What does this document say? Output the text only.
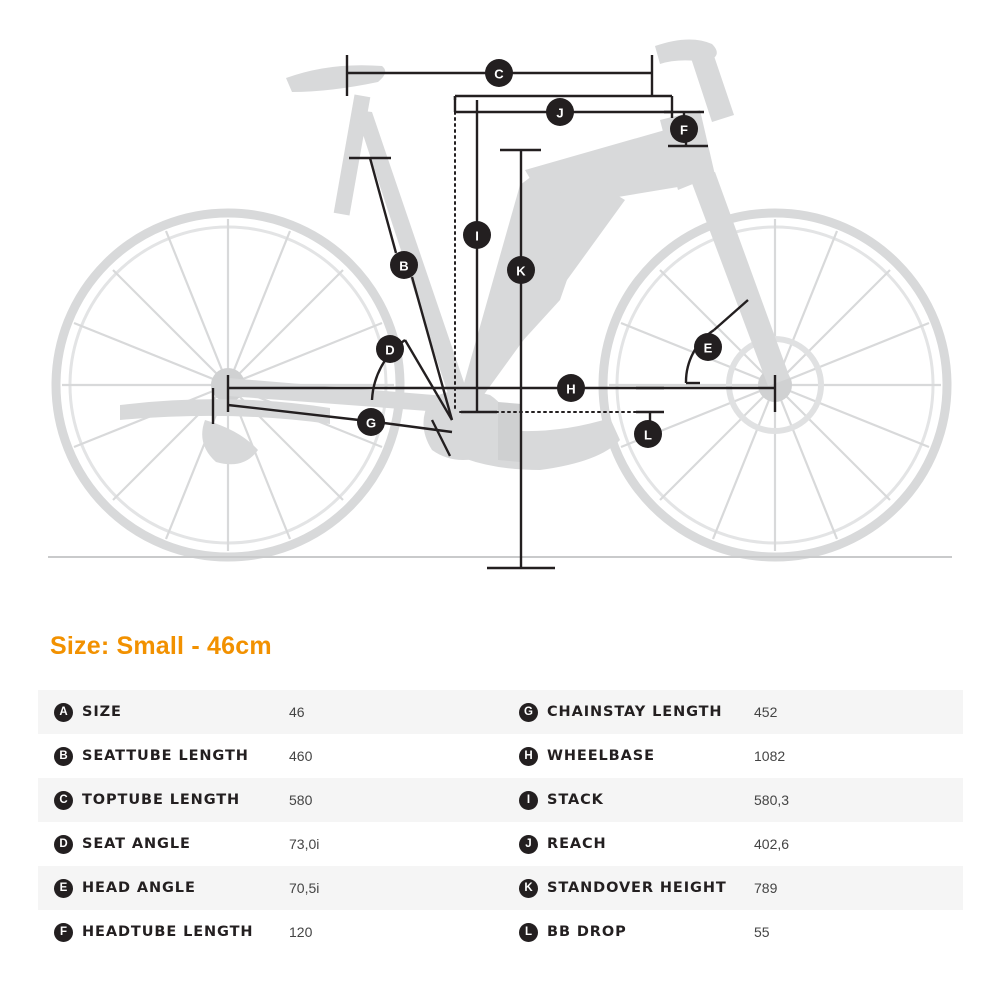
C
J
F
B
I
K
D	E
H
G
L
Size: Small - 46cm
A SIZE	46	G CHAINSTAY LENGTH	452

B SEATTUBE LENGTH	460	H WHEELBASE	1082

C TOPTUBE LENGTH	580	I STACK	580,3

D SEAT ANGLE	73,0i	J REACH	402,6

E HEAD ANGLE	70,5i	K STANDOVER HEIGHT	789

F HEADTUBE LENGTH	120	L BB DROP	55
